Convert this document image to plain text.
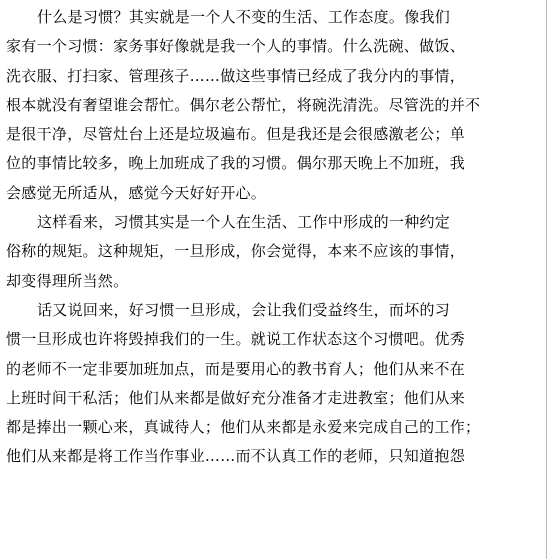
什么是习惯？其实就是一个人不变的生活、工作态度。像我们
家有一个习惯：家务事好像就是我一个人的事情。什么洗碗、做饭、
洗衣服、打扫家、管理孩子……做这些事情已经成了我分内的事情，
根本就没有奢望谁会帮忙。偶尔老公帮忙，将碗洗清洗。尽管洗的并不
是很干净，尽管灶台上还是垃圾遍布。但是我还是会很感激老公；单
位的事情比较多，晚上加班成了我的习惯。偶尔那天晚上不加班，我
会感觉无所适从，感觉今天好好开心。
这样看来，习惯其实是一个人在生活、工作中形成的一种约定
俗称的规矩。这种规矩，一旦形成，你会觉得，本来不应该的事情，
却变得理所当然。
话又说回来，好习惯一旦形成，会让我们受益终生，而坏的习
惯一旦形成也许将毁掉我们的一生。就说工作状态这个习惯吧。优秀
的老师不一定非要加班加点，而是要用心的教书育人；他们从来不在
上班时间干私活；他们从来都是做好充分准备才走进教室；他们从来
都是捧出一颗心来，真诚待人；他们从来都是永爱来完成自己的工作；
他们从来都是将工作当作事业……而不认真工作的老师，只知道抱怨
